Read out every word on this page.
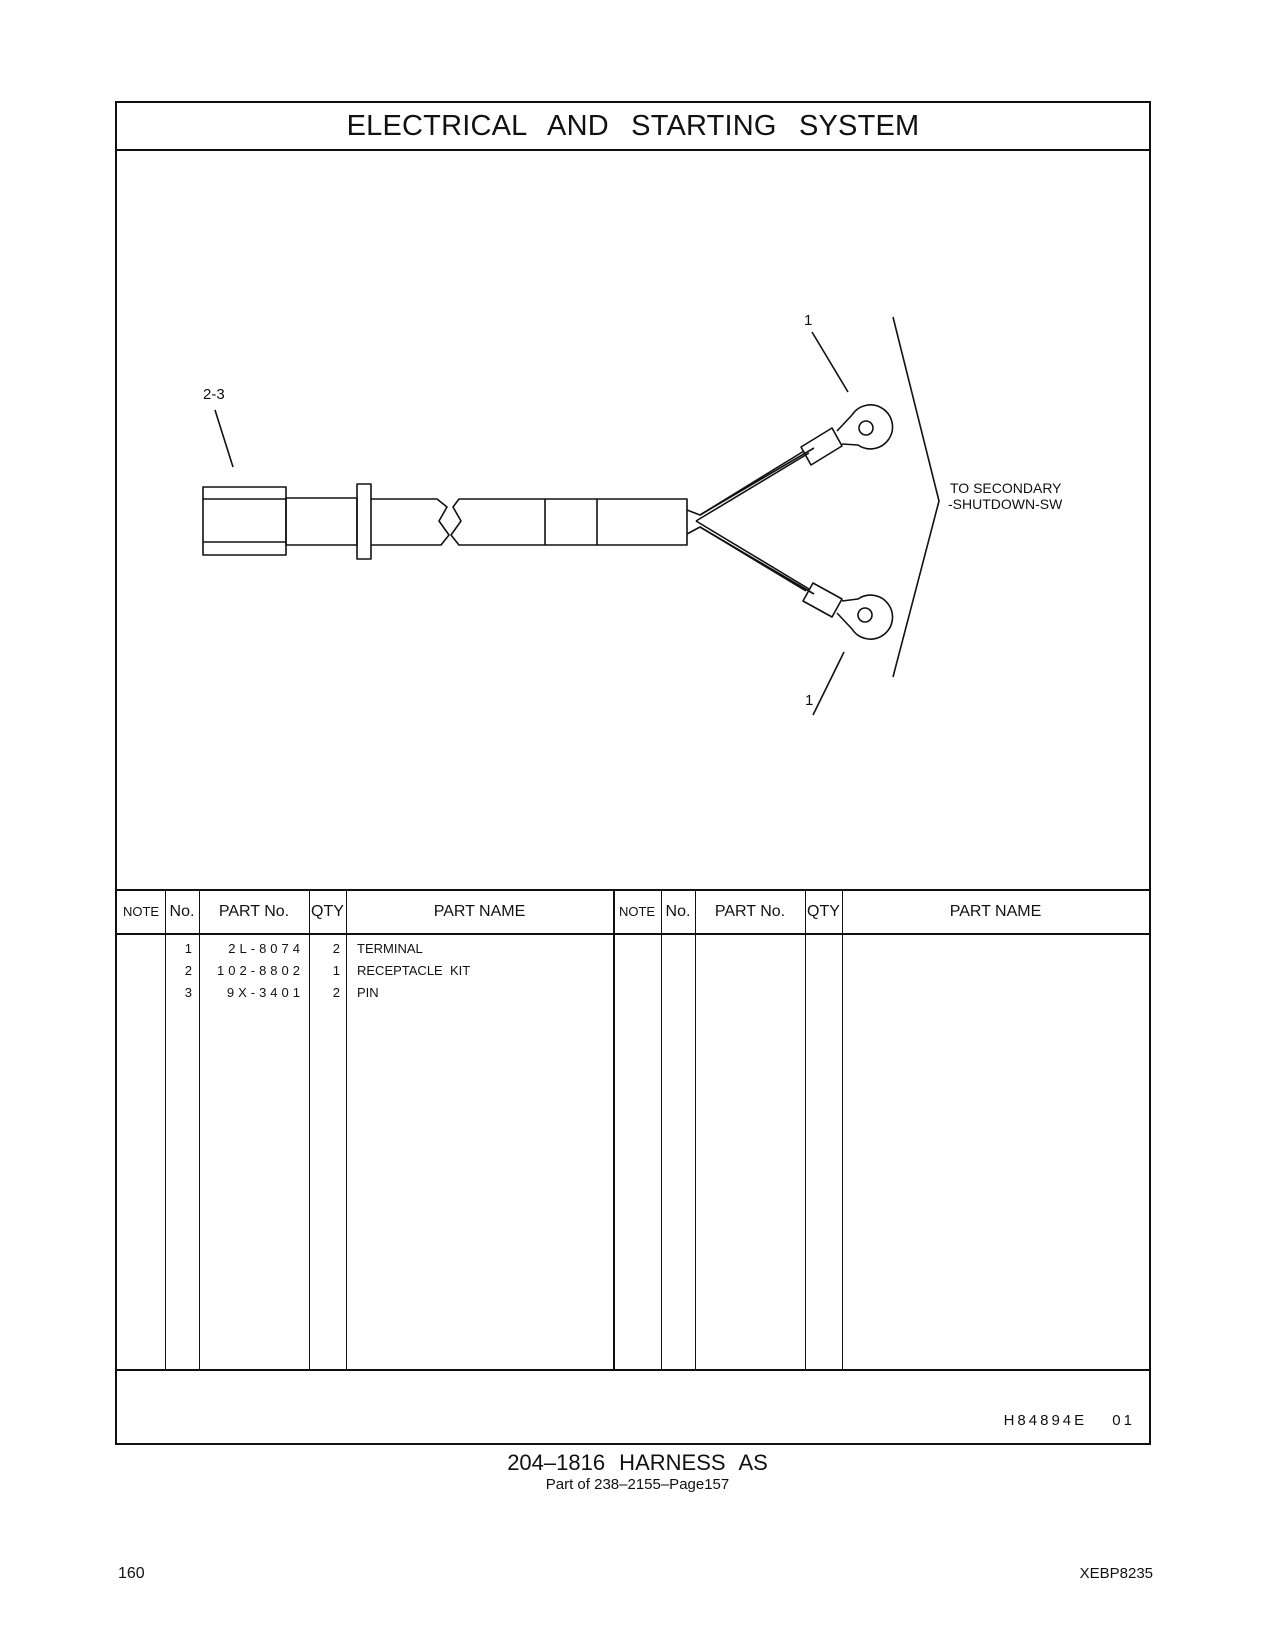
ELECTRICAL AND STARTING SYSTEM
2-3
1
1
TO SECONDARY
-SHUTDOWN-SW
NOTE No.	PART No.	QTY	PART NAME	NOTE No.	PART No.	QTY	PART NAME
1	2L-8074	2 TERMINAL
2	102-8802	1 RECEPTACLE  KIT
3	9X-3401	2 PIN
H84894E 01
204–1816 HARNESS AS
Part of 238–2155–Page157
160	XEBP8235
